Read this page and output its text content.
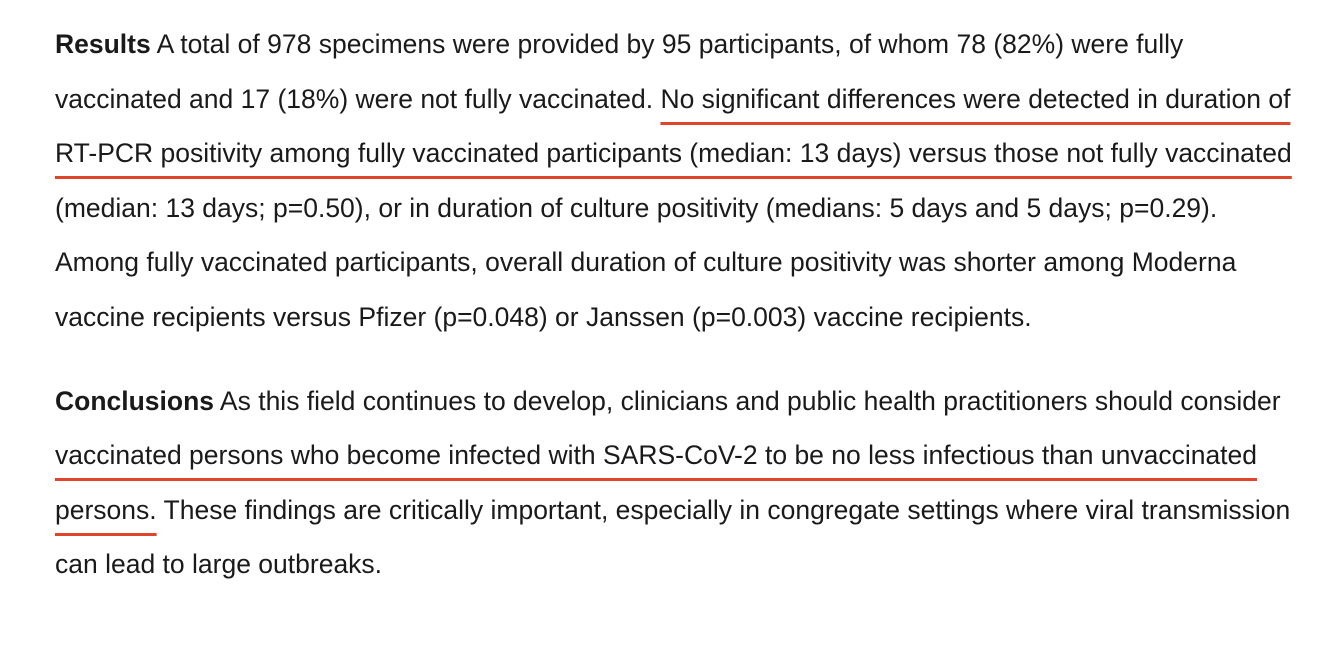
Results A total of 978 specimens were provided by 95 participants, of whom 78 (82%) were fully vaccinated and 17 (18%) were not fully vaccinated. No significant differences were detected in duration of RT-PCR positivity among fully vaccinated participants (median: 13 days) versus those not fully vaccinated (median: 13 days; p=0.50), or in duration of culture positivity (medians: 5 days and 5 days; p=0.29). Among fully vaccinated participants, overall duration of culture positivity was shorter among Moderna vaccine recipients versus Pfizer (p=0.048) or Janssen (p=0.003) vaccine recipients.

Conclusions As this field continues to develop, clinicians and public health practitioners should consider vaccinated persons who become infected with SARS-CoV-2 to be no less infectious than unvaccinated persons. These findings are critically important, especially in congregate settings where viral transmission can lead to large outbreaks.
